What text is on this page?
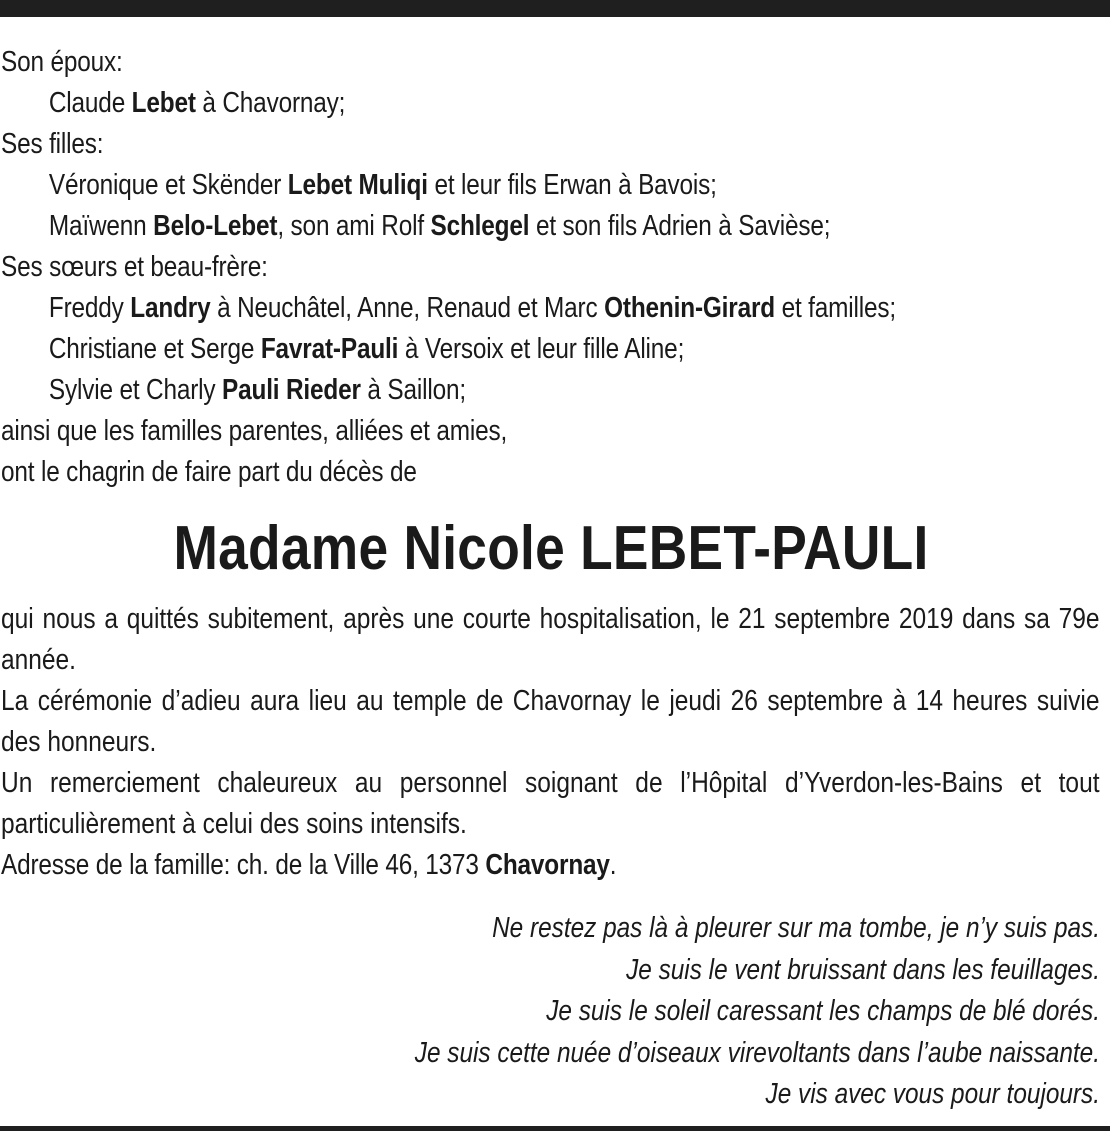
Son époux:
Claude Lebet à Chavornay;
Ses filles:
Véronique et Skënder Lebet Muliqi et leur fils Erwan à Bavois;
Maïwenn Belo-Lebet, son ami Rolf Schlegel et son fils Adrien à Savièse;
Ses sœurs et beau-frère:
Freddy Landry à Neuchâtel, Anne, Renaud et Marc Othenin-Girard et familles;
Christiane et Serge Favrat-Pauli à Versoix et leur fille Aline;
Sylvie et Charly Pauli Rieder à Saillon;
ainsi que les familles parentes, alliées et amies,
ont le chagrin de faire part du décès de
Madame Nicole LEBET-PAULI
qui nous a quittés subitement, après une courte hospitalisation, le 21 septembre 2019 dans sa 79e année.
La cérémonie d’adieu aura lieu au temple de Chavornay le jeudi 26 septembre à 14 heures suivie des honneurs.
Un remerciement chaleureux au personnel soignant de l’Hôpital d’Yverdon-les-Bains et tout particulièrement à celui des soins intensifs.
Adresse de la famille: ch. de la Ville 46, 1373 Chavornay.
Ne restez pas là à pleurer sur ma tombe, je n’y suis pas.
Je suis le vent bruissant dans les feuillages.
Je suis le soleil caressant les champs de blé dorés.
Je suis cette nuée d’oiseaux virevoltants dans l’aube naissante.
Je vis avec vous pour toujours.
